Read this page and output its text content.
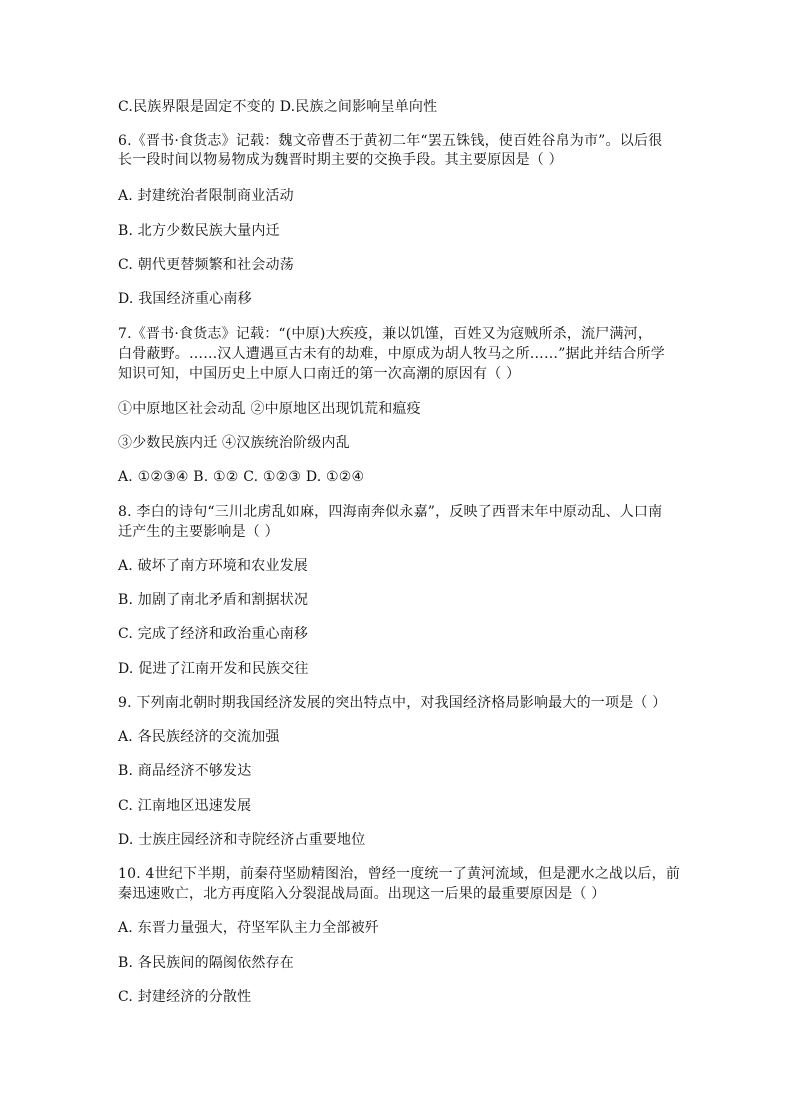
C.民族界限是固定不变的 D.民族之间影响呈单向性
6.《晋书·食货志》记载：魏文帝曹丕于黄初二年“罢五铢钱，使百姓谷帛为市”。以后很
长一段时间以物易物成为魏晋时期主要的交换手段。其主要原因是（ ）
A. 封建统治者限制商业活动
B. 北方少数民族大量内迁
C. 朝代更替频繁和社会动荡
D. 我国经济重心南移
7.《晋书·食货志》记载：“(中原)大疾疫，兼以饥馑，百姓又为寇贼所杀，流尸满河，
白骨蔽野。……汉人遭遇亘古未有的劫难，中原成为胡人牧马之所……”据此并结合所学
知识可知，中国历史上中原人口南迁的第一次高潮的原因有（ ）
①中原地区社会动乱 ②中原地区出现饥荒和瘟疫
③少数民族内迁 ④汉族统治阶级内乱
A. ①②③④ B. ①② C. ①②③ D. ①②④
8. 李白的诗句“三川北虏乱如麻，四海南奔似永嘉”，反映了西晋末年中原动乱、人口南
迁产生的主要影响是（ ）
A. 破坏了南方环境和农业发展
B. 加剧了南北矛盾和割据状况
C. 完成了经济和政治重心南移
D. 促进了江南开发和民族交往
9. 下列南北朝时期我国经济发展的突出特点中，对我国经济格局影响最大的一项是（ ）
A. 各民族经济的交流加强
B. 商品经济不够发达
C. 江南地区迅速发展
D. 士族庄园经济和寺院经济占重要地位
10. 4世纪下半期，前秦苻坚励精图治，曾经一度统一了黄河流域，但是淝水之战以后，前
秦迅速败亡，北方再度陷入分裂混战局面。出现这一后果的最重要原因是（ ）
A. 东晋力量强大，苻坚军队主力全部被歼
B. 各民族间的隔阂依然存在
C. 封建经济的分散性
